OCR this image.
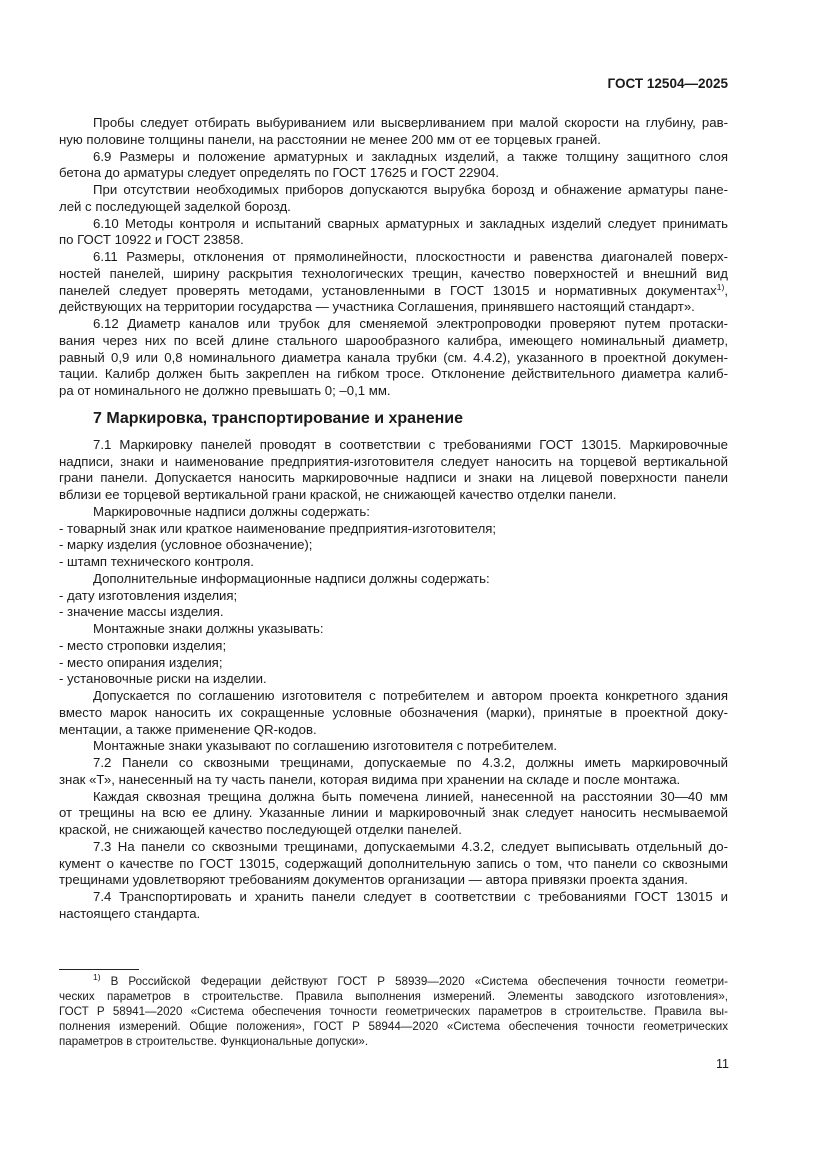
ГОСТ 12504—2025
Пробы следует отбирать выбуриванием или высверливанием при малой скорости на глубину, рав-
ную половине толщины панели, на расстоянии не менее 200 мм от ее торцевых граней.
6.9 Размеры и положение арматурных и закладных изделий, а также толщину защитного слоя
бетона до арматуры следует определять по ГОСТ 17625 и ГОСТ 22904.
При отсутствии необходимых приборов допускаются вырубка борозд и обнажение арматуры пане-
лей с последующей заделкой борозд.
6.10 Методы контроля и испытаний сварных арматурных и закладных изделий следует принимать
по ГОСТ 10922 и ГОСТ 23858.
6.11 Размеры, отклонения от прямолинейности, плоскостности и равенства диагоналей поверх-
ностей панелей, ширину раскрытия технологических трещин, качество поверхностей и внешний вид
панелей следует проверять методами, установленными в ГОСТ 13015 и нормативных документах$^{1)}$,
действующих на территории государства — участника Соглашения, принявшего настоящий стандарт».
6.12 Диаметр каналов или трубок для сменяемой электропроводки проверяют путем протаски-
вания через них по всей длине стального шарообразного калибра, имеющего номинальный диаметр,
равный 0,9 или 0,8 номинального диаметра канала трубки (см. 4.4.2), указанного в проектной докумен-
тации. Калибр должен быть закреплен на гибком тросе. Отклонение действительного диаметра калиб-
ра от номинального не должно превышать 0; –0,1 мм.
7 Маркировка, транспортирование и хранение
7.1 Маркировку панелей проводят в соответствии с требованиями ГОСТ 13015. Маркировочные
надписи, знаки и наименование предприятия-изготовителя следует наносить на торцевой вертикальной
грани панели. Допускается наносить маркировочные надписи и знаки на лицевой поверхности панели
вблизи ее торцевой вертикальной грани краской, не снижающей качество отделки панели.
Маркировочные надписи должны содержать:
- товарный знак или краткое наименование предприятия-изготовителя;
- марку изделия (условное обозначение);
- штамп технического контроля.
Дополнительные информационные надписи должны содержать:
- дату изготовления изделия;
- значение массы изделия.
Монтажные знаки должны указывать:
- место строповки изделия;
- место опирания изделия;
- установочные риски на изделии.
Допускается по соглашению изготовителя с потребителем и автором проекта конкретного здания
вместо марок наносить их сокращенные условные обозначения (марки), принятые в проектной доку-
ментации, а также применение QR-кодов.
Монтажные знаки указывают по соглашению изготовителя с потребителем.
7.2 Панели со сквозными трещинами, допускаемые по 4.3.2, должны иметь маркировочный
знак «Т», нанесенный на ту часть панели, которая видима при хранении на складе и после монтажа.
Каждая сквозная трещина должна быть помечена линией, нанесенной на расстоянии 30—40 мм
от трещины на всю ее длину. Указанные линии и маркировочный знак следует наносить несмываемой
краской, не снижающей качество последующей отделки панелей.
7.3 На панели со сквозными трещинами, допускаемыми 4.3.2, следует выписывать отдельный до-
кумент о качестве по ГОСТ 13015, содержащий дополнительную запись о том, что панели со сквозными
трещинами удовлетворяют требованиям документов организации — автора привязки проекта здания.
7.4 Транспортировать и хранить панели следует в соответствии с требованиями ГОСТ 13015 и
настоящего стандарта.
$^{1)}$ В Российской Федерации действуют ГОСТ Р 58939—2020 «Система обеспечения точности геометри-
ческих параметров в строительстве. Правила выполнения измерений. Элементы заводского изготовления»,
ГОСТ Р 58941—2020 «Система обеспечения точности геометрических параметров в строительстве. Правила вы-
полнения измерений. Общие положения», ГОСТ Р 58944—2020 «Система обеспечения точности геометрических
параметров в строительстве. Функциональные допуски».
11
